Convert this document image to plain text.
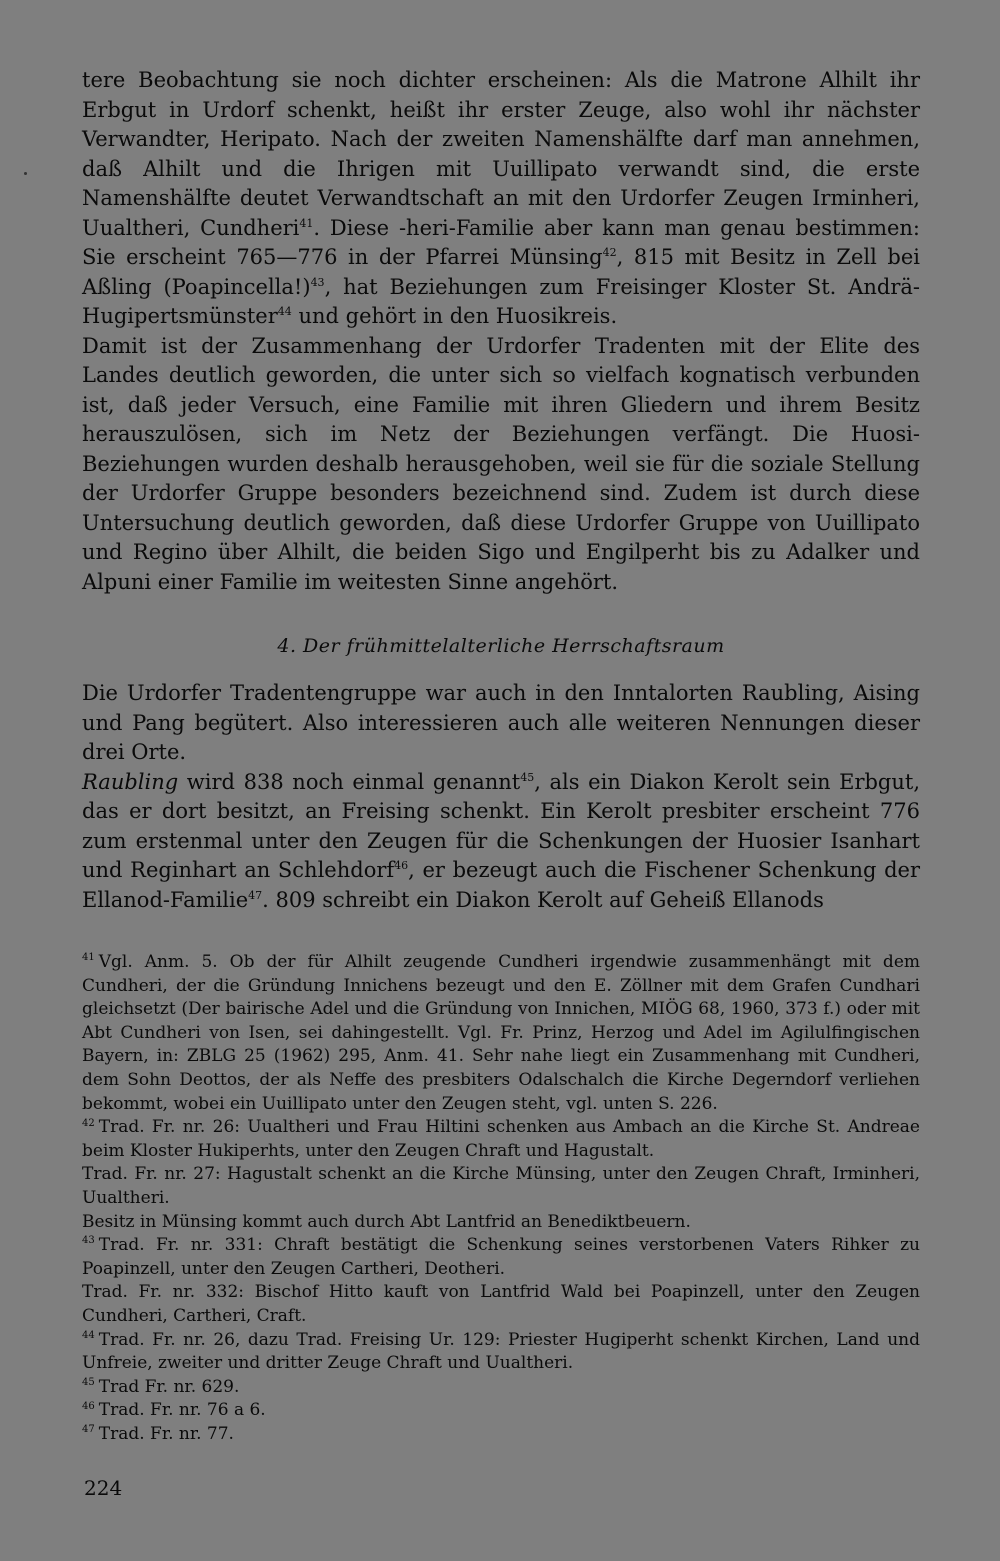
tere Beobachtung sie noch dichter erscheinen: Als die Matrone Alhilt ihr Erbgut in Urdorf schenkt, heißt ihr erster Zeuge, also wohl ihr nächster Verwandter, Heripato. Nach der zweiten Namenshälfte darf man annehmen, daß Alhilt und die Ihrigen mit Uuillipato verwandt sind, die erste Namenshälfte deutet Verwandtschaft an mit den Urdorfer Zeugen Irminheri, Uualtheri, Cundheri$^{41}$. Diese -heri-Familie aber kann man genau bestimmen: Sie erscheint 765—776 in der Pfarrei Münsing$^{42}$, 815 mit Besitz in Zell bei Aßling (Poapincella!)$^{43}$, hat Beziehungen zum Freisinger Kloster St. Andrä-Hugipertsmünster$^{44}$ und gehört in den Huosikreis.

Damit ist der Zusammenhang der Urdorfer Tradenten mit der Elite des Landes deutlich geworden, die unter sich so vielfach kognatisch verbunden ist, daß jeder Versuch, eine Familie mit ihren Gliedern und ihrem Besitz herauszulösen, sich im Netz der Beziehungen verfängt. Die Huosi-Beziehungen wurden deshalb herausgehoben, weil sie für die soziale Stellung der Urdorfer Gruppe besonders bezeichnend sind. Zudem ist durch diese Untersuchung deutlich geworden, daß diese Urdorfer Gruppe von Uuillipato und Regino über Alhilt, die beiden Sigo und Engilperht bis zu Adalker und Alpuni einer Familie im weitesten Sinne angehört.

4. Der frühmittelalterliche Herrschaftsraum

Die Urdorfer Tradentengruppe war auch in den Inntalorten Raubling, Aising und Pang begütert. Also interessieren auch alle weiteren Nennungen dieser drei Orte.

Raubling wird 838 noch einmal genannt$^{45}$, als ein Diakon Kerolt sein Erbgut, das er dort besitzt, an Freising schenkt. Ein Kerolt presbiter erscheint 776 zum erstenmal unter den Zeugen für die Schenkungen der Huosier Isanhart und Reginhart an Schlehdorf$^{46}$, er bezeugt auch die Fischener Schenkung der Ellanod-Familie$^{47}$. 809 schreibt ein Diakon Kerolt auf Geheiß Ellanods

$^{41}$ Vgl. Anm. 5. Ob der für Alhilt zeugende Cundheri irgendwie zusammenhängt mit dem Cundheri, der die Gründung Innichens bezeugt und den E. Zöllner mit dem Grafen Cundhari gleichsetzt (Der bairische Adel und die Gründung von Innichen, MIÖG 68, 1960, 373 f.) oder mit Abt Cundheri von Isen, sei dahingestellt. Vgl. Fr. Prinz, Herzog und Adel im Agilulfingischen Bayern, in: ZBLG 25 (1962) 295, Anm. 41. Sehr nahe liegt ein Zusammenhang mit Cundheri, dem Sohn Deottos, der als Neffe des presbiters Odalschalch die Kirche Degerndorf verliehen bekommt, wobei ein Uuillipato unter den Zeugen steht, vgl. unten S. 226.

$^{42}$ Trad. Fr. nr. 26: Uualtheri und Frau Hiltini schenken aus Ambach an die Kirche St. Andreae beim Kloster Hukiperhts, unter den Zeugen Chraft und Hagustalt.

Trad. Fr. nr. 27: Hagustalt schenkt an die Kirche Münsing, unter den Zeugen Chraft, Irminheri, Uualtheri.

Besitz in Münsing kommt auch durch Abt Lantfrid an Benediktbeuern.

$^{43}$ Trad. Fr. nr. 331: Chraft bestätigt die Schenkung seines verstorbenen Vaters Rihker zu Poapinzell, unter den Zeugen Cartheri, Deotheri.

Trad. Fr. nr. 332: Bischof Hitto kauft von Lantfrid Wald bei Poapinzell, unter den Zeugen Cundheri, Cartheri, Craft.

$^{44}$ Trad. Fr. nr. 26, dazu Trad. Freising Ur. 129: Priester Hugiperht schenkt Kirchen, Land und Unfreie, zweiter und dritter Zeuge Chraft und Uualtheri.

$^{45}$ Trad Fr. nr. 629.

$^{46}$ Trad. Fr. nr. 76 a 6.

$^{47}$ Trad. Fr. nr. 77.

224
